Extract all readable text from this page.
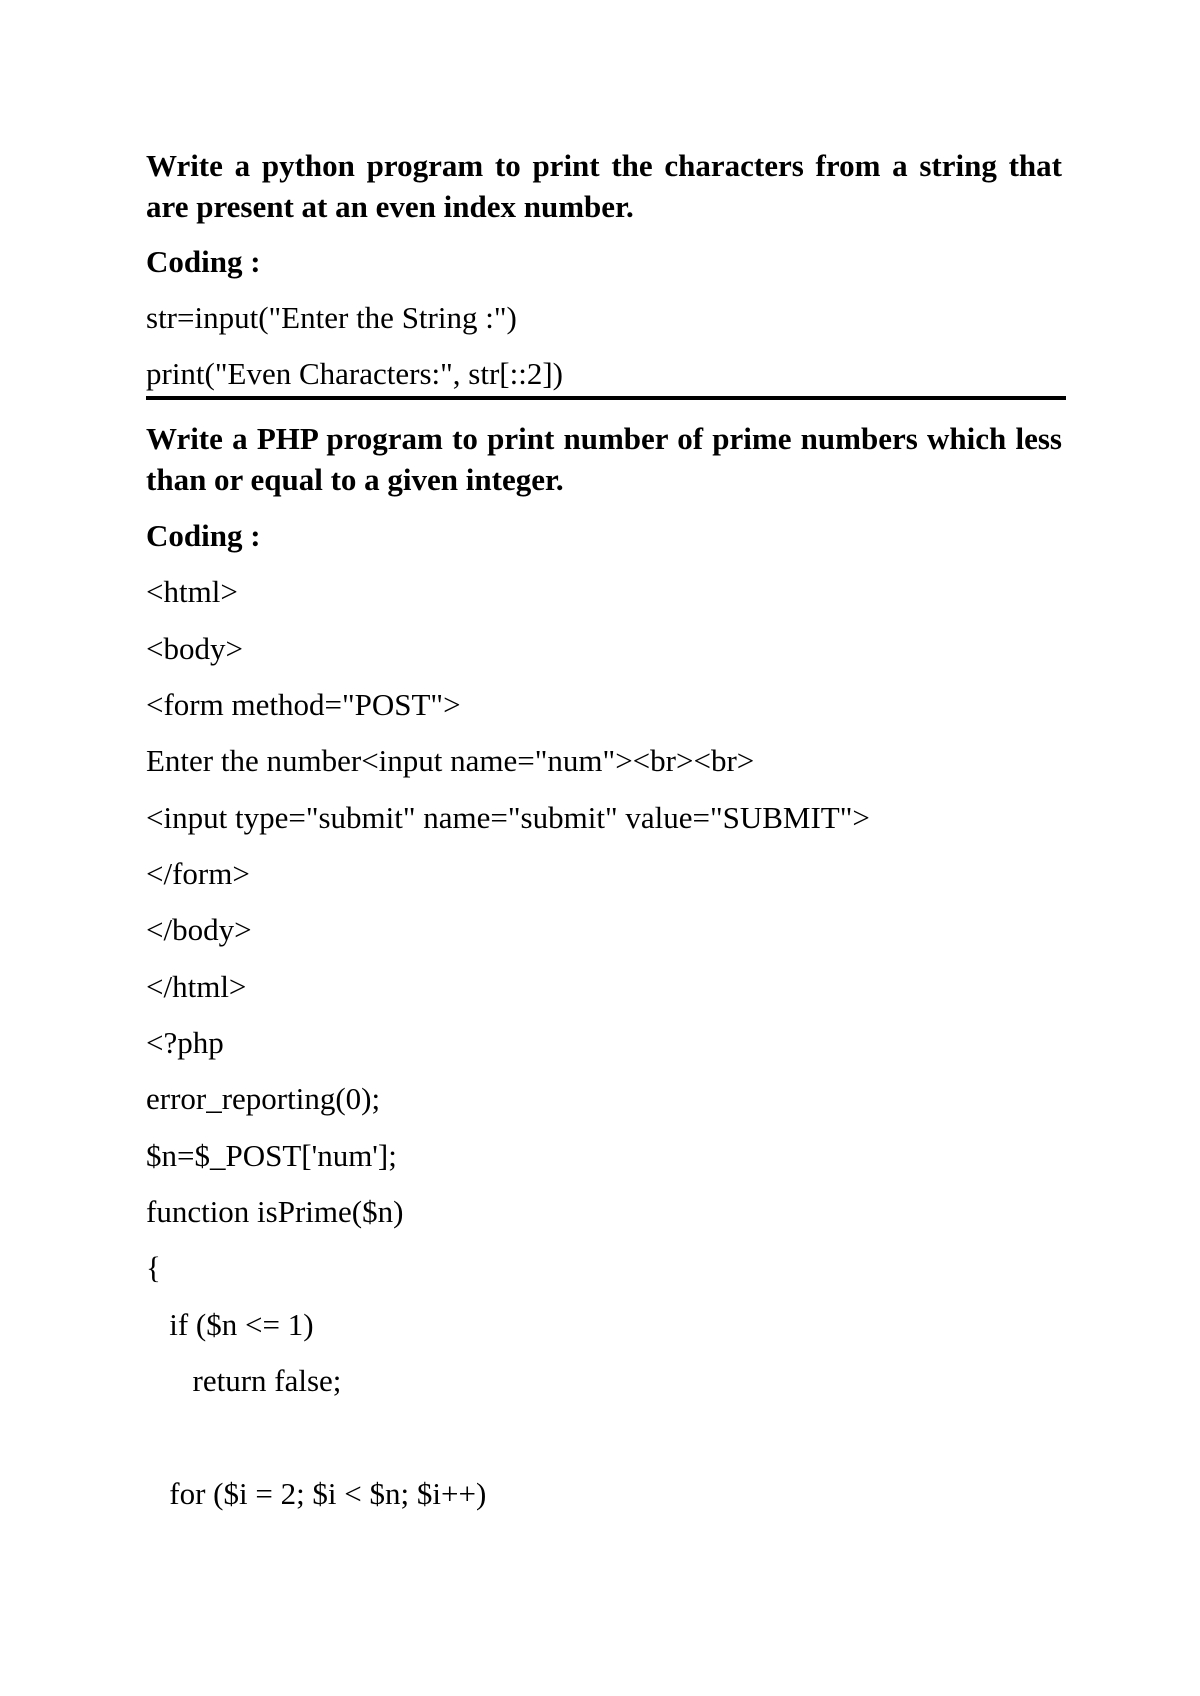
Write a python program to print the characters from a string that are present at an even index number.
Coding :
str=input("Enter the String :")
print("Even Characters:", str[::2])
Write a PHP program to print number of prime numbers which less than or equal to a given integer.
Coding :
<html>
<body>
<form method="POST">
Enter the number<input name="num"><br><br>
<input type="submit" name="submit" value="SUBMIT">
</form>
</body>
</html>
<?php
error_reporting(0);
$n=$_POST['num'];
function isPrime($n)
{
if ($n <= 1)
return false;
for ($i = 2; $i < $n; $i++)
